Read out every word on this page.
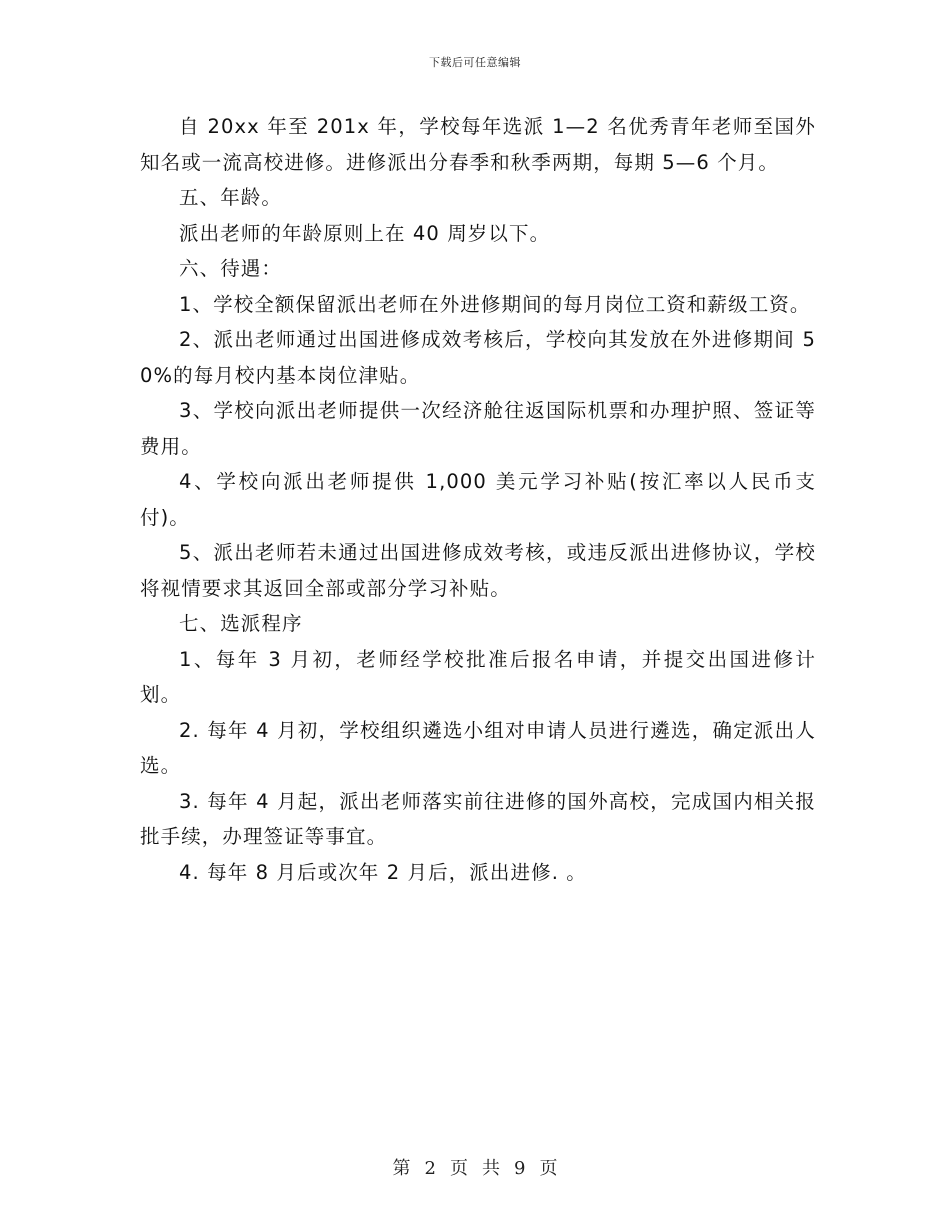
下载后可任意编辑

自 20xx 年至 201x 年，学校每年选派 1—2 名优秀青年老师至国外知名或一流高校进修。进修派出分春季和秋季两期，每期 5—6 个月。

五、年龄。

派出老师的年龄原则上在 40 周岁以下。

六、待遇：

1、学校全额保留派出老师在外进修期间的每月岗位工资和薪级工资。

2、派出老师通过出国进修成效考核后，学校向其发放在外进修期间 50%的每月校内基本岗位津贴。

3、学校向派出老师提供一次经济舱往返国际机票和办理护照、签证等费用。

4、学校向派出老师提供 1,000 美元学习补贴(按汇率以人民币支付)。

5、派出老师若未通过出国进修成效考核，或违反派出进修协议，学校将视情要求其返回全部或部分学习补贴。

七、选派程序

1、每年 3 月初，老师经学校批准后报名申请，并提交出国进修计划。

2. 每年 4 月初，学校组织遴选小组对申请人员进行遴选，确定派出人选。

3. 每年 4 月起，派出老师落实前往进修的国外高校，完成国内相关报批手续，办理签证等事宜。

4. 每年 8 月后或次年 2 月后，派出进修. 。

第 2 页 共 9 页
